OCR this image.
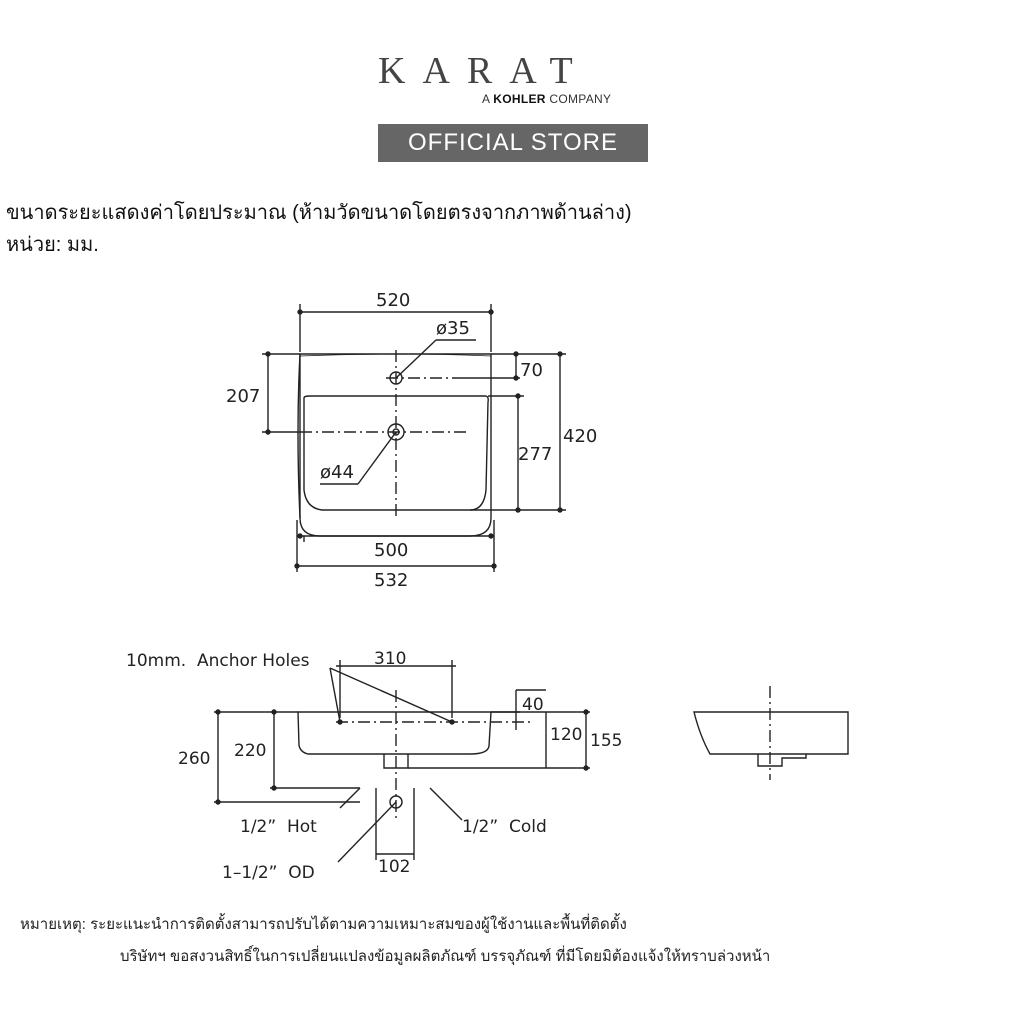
KARAT
A KOHLER COMPANY
OFFICIAL STORE
ขนาดระยะแสดงค่าโดยประมาณ (ห้ามวัดขนาดโดยตรงจากภาพด้านล่าง)
หน่วย: มม.
520
ø35
70
207
420
277
ø44
500
532
10mm.  Anchor Holes	310
40
120 155
260 220
1/2”  Hot	1/2”  Cold
1–1/2”  OD	102
หมายเหตุ: ระยะแนะนำการติดตั้งสามารถปรับได้ตามความเหมาะสมของผู้ใช้งานและพื้นที่ติดตั้ง
บริษัทฯ ขอสงวนสิทธิ์ในการเปลี่ยนแปลงข้อมูลผลิตภัณฑ์ บรรจุภัณฑ์ ที่มีโดยมิต้องแจ้งให้ทราบล่วงหน้า
